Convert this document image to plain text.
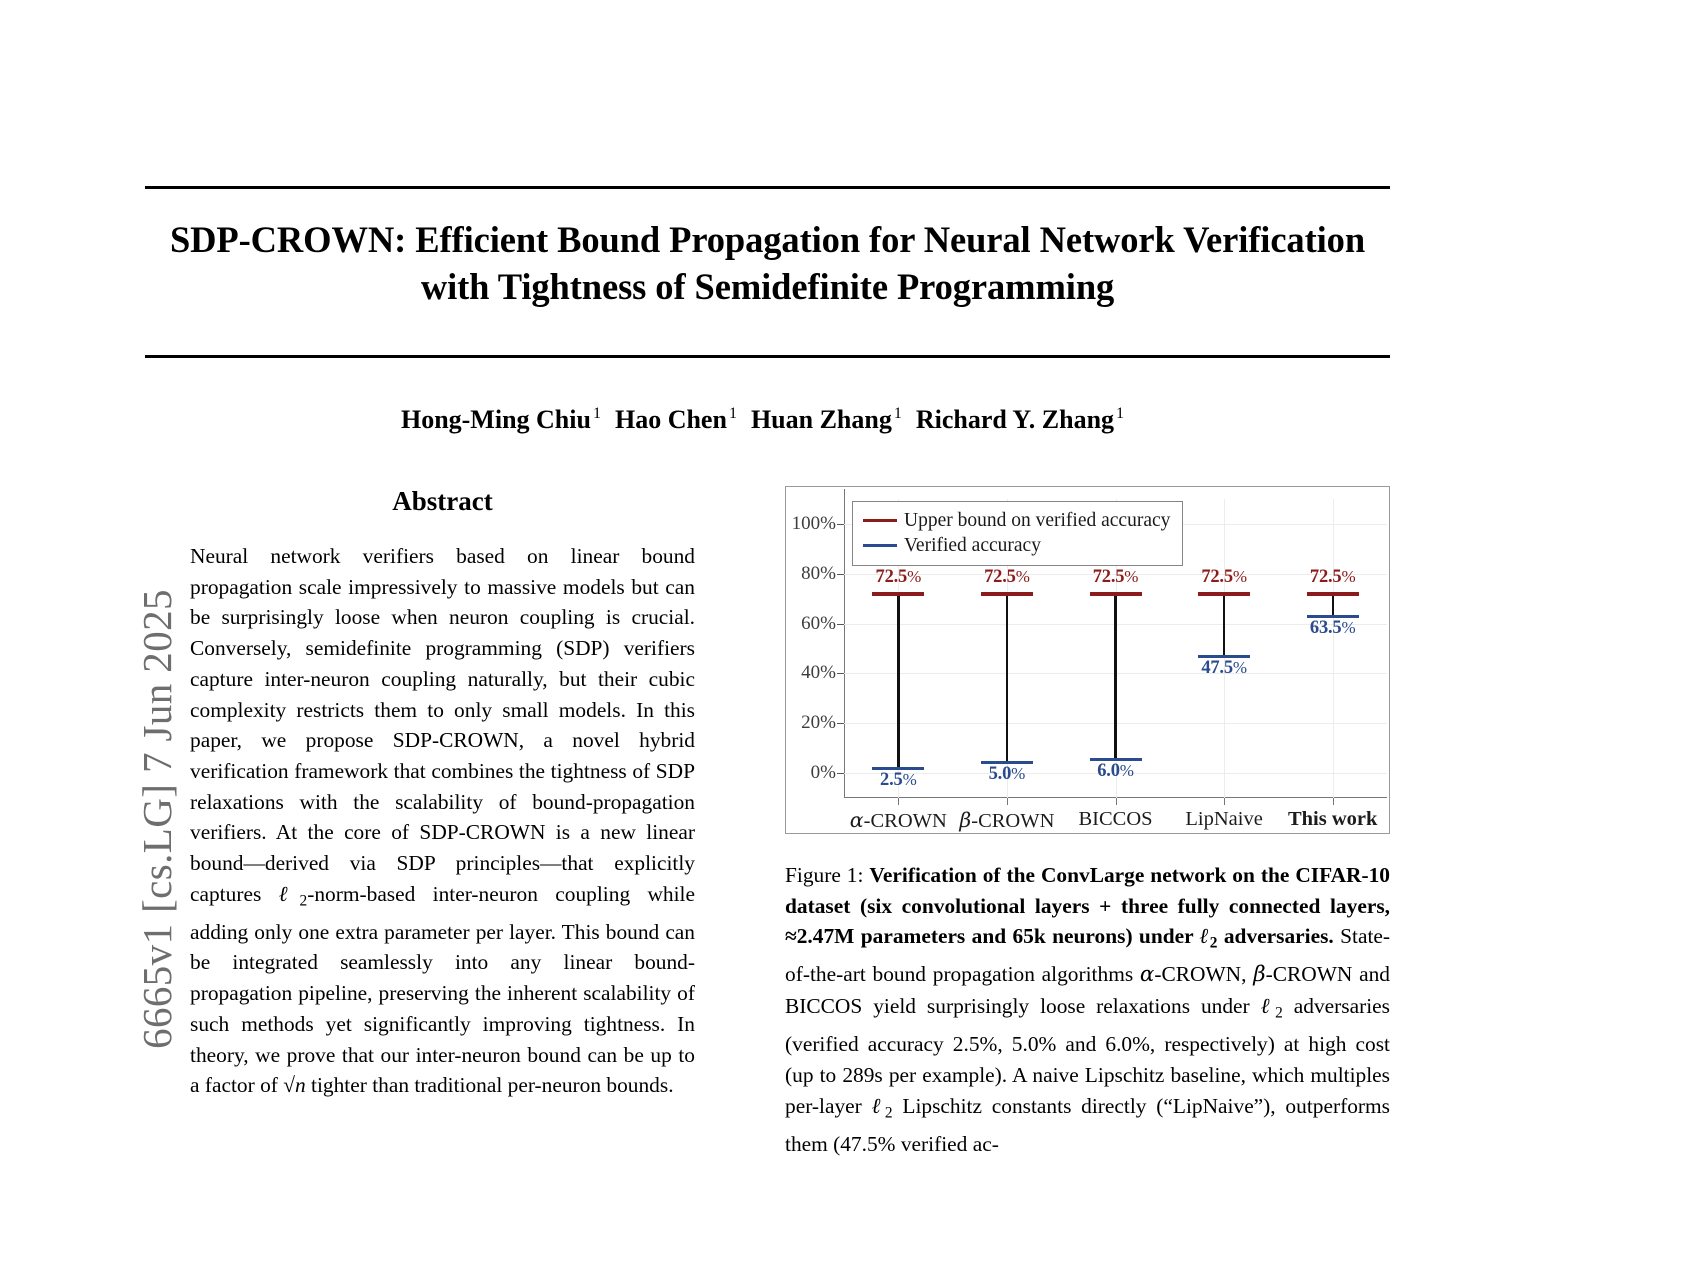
6665v1 [cs.LG] 7 Jun 2025
SDP-CROWN: Efficient Bound Propagation for Neural Network Verification
with Tightness of Semidefinite Programming
Hong-Ming Chiu $^1$ Hao Chen $^1$ Huan Zhang $^1$ Richard Y. Zhang $^1$
Abstract

Neural network verifiers based on linear bound propagation scale impressively to massive models but can be surprisingly loose when neuron coupling is crucial. Conversely, semidefinite programming (SDP) verifiers capture inter-neuron coupling naturally, but their cubic complexity restricts them to only small models. In this paper, we propose SDP-CROWN, a novel hybrid verification framework that combines the tightness of SDP relaxations with the scalability of bound-propagation verifiers. At the core of SDP-CROWN is a new linear bound—derived via SDP principles—that explicitly captures ℓ$_2$-norm-based inter-neuron coupling while adding only one extra parameter per layer. This bound can be integrated seamlessly into any linear bound-propagation pipeline, preserving the inherent scalability of such methods yet significantly improving tightness. In theory, we prove that our inter-neuron bound can be up to a factor of √n tighter than traditional per-neuron bounds.

Upper bound on verified accuracy
Verified accuracy
0%
20%
40%
60%
80%
100%
72.5%
2.5%
72.5%
5.0%
72.5%
6.0%
72.5%
47.5%
72.5%
63.5%
α-CROWN β-CROWN BICCOS LipNaive This work
Figure 1: Verification of the ConvLarge network on the CIFAR-10 dataset (six convolutional layers + three fully connected layers, ≈2.47M parameters and 65k neurons) under ℓ$_2$ adversaries. State-of-the-art bound propagation algorithms α-CROWN, β-CROWN and BICCOS yield surprisingly loose relaxations under ℓ$_2$ adversaries (verified accuracy 2.5%, 5.0% and 6.0%, respectively) at high cost (up to 289s per example). A naive Lipschitz baseline, which multiples per-layer ℓ$_2$ Lipschitz constants directly (“LipNaive”), outperforms them (47.5% verified ac-
